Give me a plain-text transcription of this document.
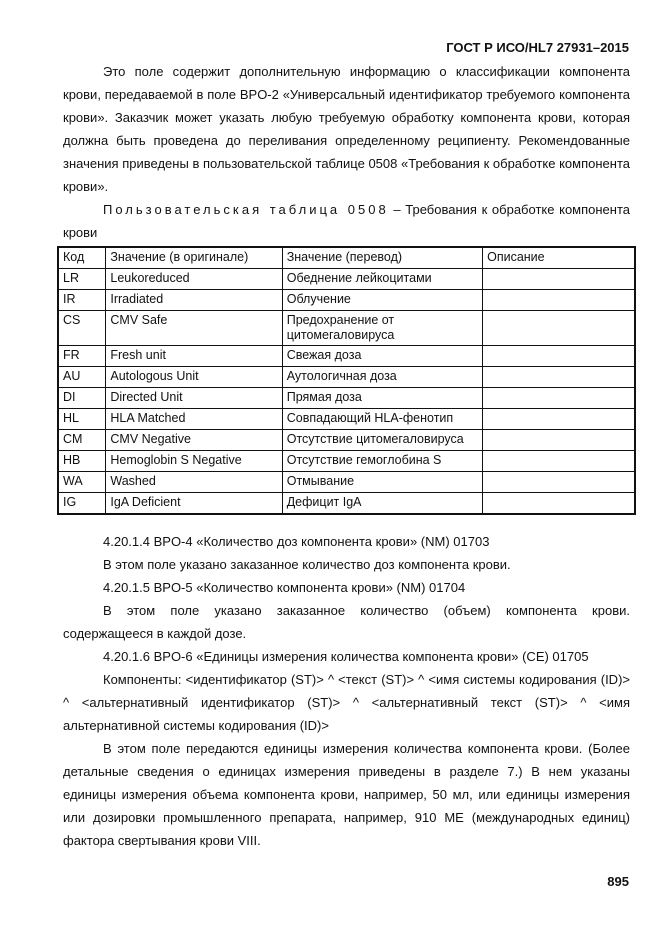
ГОСТ Р ИСО/HL7 27931–2015

Это поле содержит дополнительную информацию о классификации компонента крови, передаваемой в поле BPO-2 «Универсальный идентификатор требуемого компонента крови». Заказчик может указать любую требуемую обработку компонента крови, которая должна быть проведена до переливания определенному реципиенту. Рекомендованные значения приведены в пользовательской таблице 0508 «Требования к обработке компонента крови».

Пользовательская таблица 0508 – Требования к обработке компонента крови

Код	Значение (в оригинале)	Значение (перевод)	Описание
LR	Leukoreduced	Обеднение лейкоцитами	
IR	Irradiated	Облучение	
CS	CMV Safe	Предохранение от цитомегаловируса	
FR	Fresh unit	Свежая доза	
AU	Autologous Unit	Аутологичная доза	
DI	Directed Unit	Прямая доза	
HL	HLA Matched	Совпадающий HLA-фенотип	
CM	CMV Negative	Отсутствие цитомегаловируса	
HB	Hemoglobin S Negative	Отсутствие гемоглобина S	
WA	Washed	Отмывание	
IG	IgA Deficient	Дефицит IgA	

4.20.1.4 BPO-4 «Количество доз компонента крови» (NM) 01703

В этом поле указано заказанное количество доз компонента крови.

4.20.1.5 BPO-5 «Количество компонента крови» (NM) 01704

В этом поле указано заказанное количество (объем) компонента крови. содержащееся в каждой дозе.

4.20.1.6 BPO-6 «Единицы измерения количества компонента крови» (CE) 01705

Компоненты: <идентификатор (ST)> ^ <текст (ST)> ^ <имя системы кодирования (ID)> ^ <альтернативный идентификатор (ST)> ^ <альтернативный текст (ST)> ^ <имя альтернативной системы кодирования (ID)>

В этом поле передаются единицы измерения количества компонента крови. (Более детальные сведения о единицах измерения приведены в разделе 7.) В нем указаны единицы измерения объема компонента крови, например, 50 мл, или единицы измерения или дозировки промышленного препарата, например, 910 МЕ (международных единиц) фактора свертывания крови VIII.

895
